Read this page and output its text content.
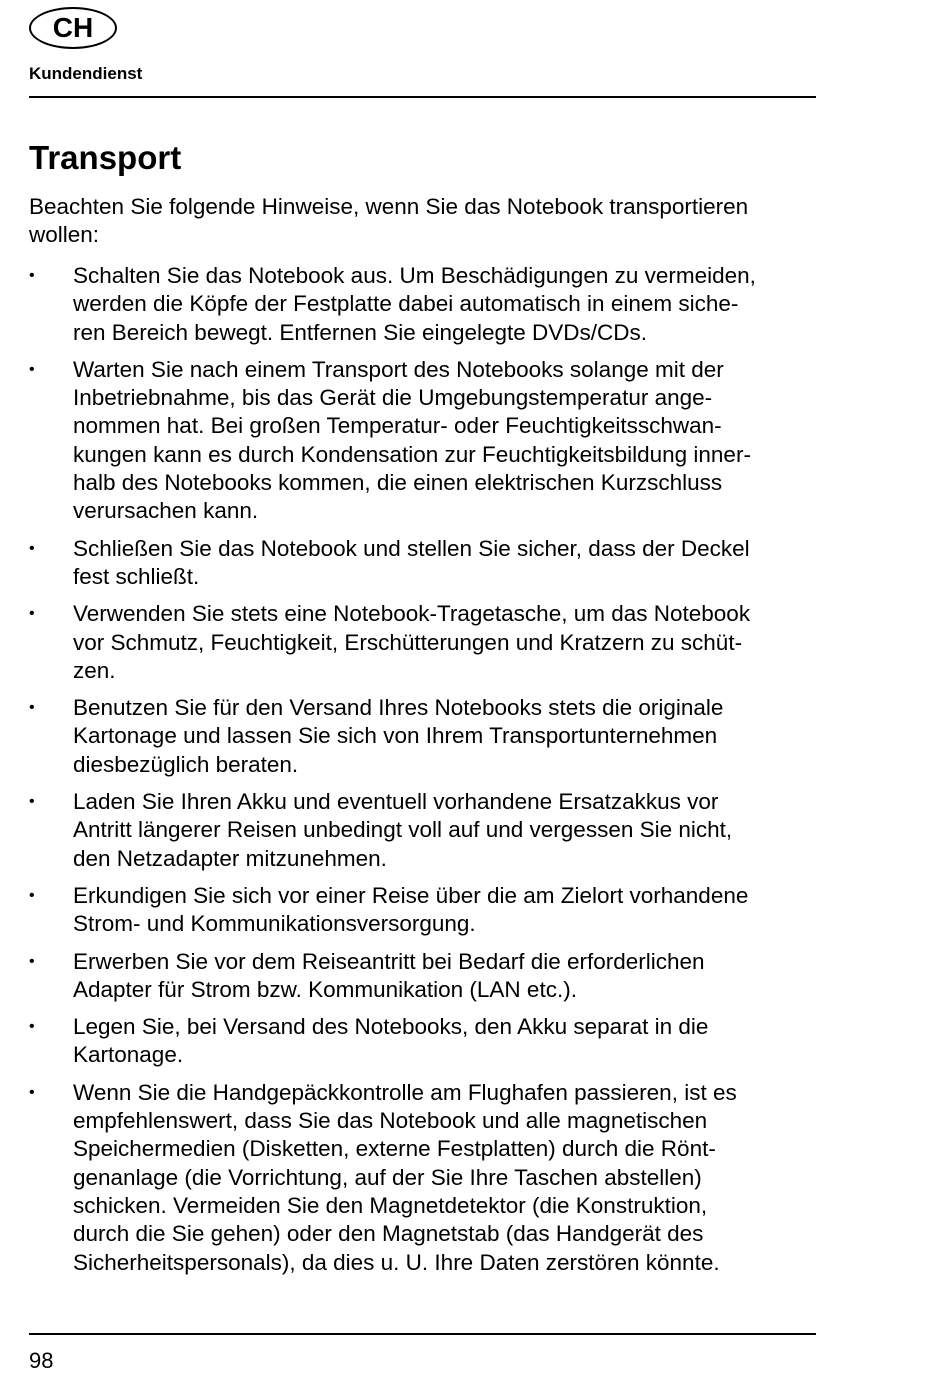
CH
Kundendienst
Transport

Beachten Sie folgende Hinweise, wenn Sie das Notebook transportieren
wollen:

• Schalten Sie das Notebook aus. Um Beschädigungen zu vermeiden,
werden die Köpfe der Festplatte dabei automatisch in einem siche-
ren Bereich bewegt. Entfernen Sie eingelegte DVDs/CDs.
• Warten Sie nach einem Transport des Notebooks solange mit der
Inbetriebnahme, bis das Gerät die Umgebungstemperatur ange-
nommen hat. Bei großen Temperatur- oder Feuchtigkeitsschwan-
kungen kann es durch Kondensation zur Feuchtigkeitsbildung inner-
halb des Notebooks kommen, die einen elektrischen Kurzschluss
verursachen kann.
• Schließen Sie das Notebook und stellen Sie sicher, dass der Deckel
fest schließt.
• Verwenden Sie stets eine Notebook-Tragetasche, um das Notebook
vor Schmutz, Feuchtigkeit, Erschütterungen und Kratzern zu schüt-
zen.
• Benutzen Sie für den Versand Ihres Notebooks stets die originale
Kartonage und lassen Sie sich von Ihrem Transportunternehmen
diesbezüglich beraten.
• Laden Sie Ihren Akku und eventuell vorhandene Ersatzakkus vor
Antritt längerer Reisen unbedingt voll auf und vergessen Sie nicht,
den Netzadapter mitzunehmen.
• Erkundigen Sie sich vor einer Reise über die am Zielort vorhandene
Strom- und Kommunikationsversorgung.
• Erwerben Sie vor dem Reiseantritt bei Bedarf die erforderlichen
Adapter für Strom bzw. Kommunikation (LAN etc.).
• Legen Sie, bei Versand des Notebooks, den Akku separat in die
Kartonage.
• Wenn Sie die Handgepäckkontrolle am Flughafen passieren, ist es
empfehlenswert, dass Sie das Notebook und alle magnetischen
Speichermedien (Disketten, externe Festplatten) durch die Rönt-
genanlage (die Vorrichtung, auf der Sie Ihre Taschen abstellen)
schicken. Vermeiden Sie den Magnetdetektor (die Konstruktion,
durch die Sie gehen) oder den Magnetstab (das Handgerät des
Sicherheitspersonals), da dies u. U. Ihre Daten zerstören könnte.
98
